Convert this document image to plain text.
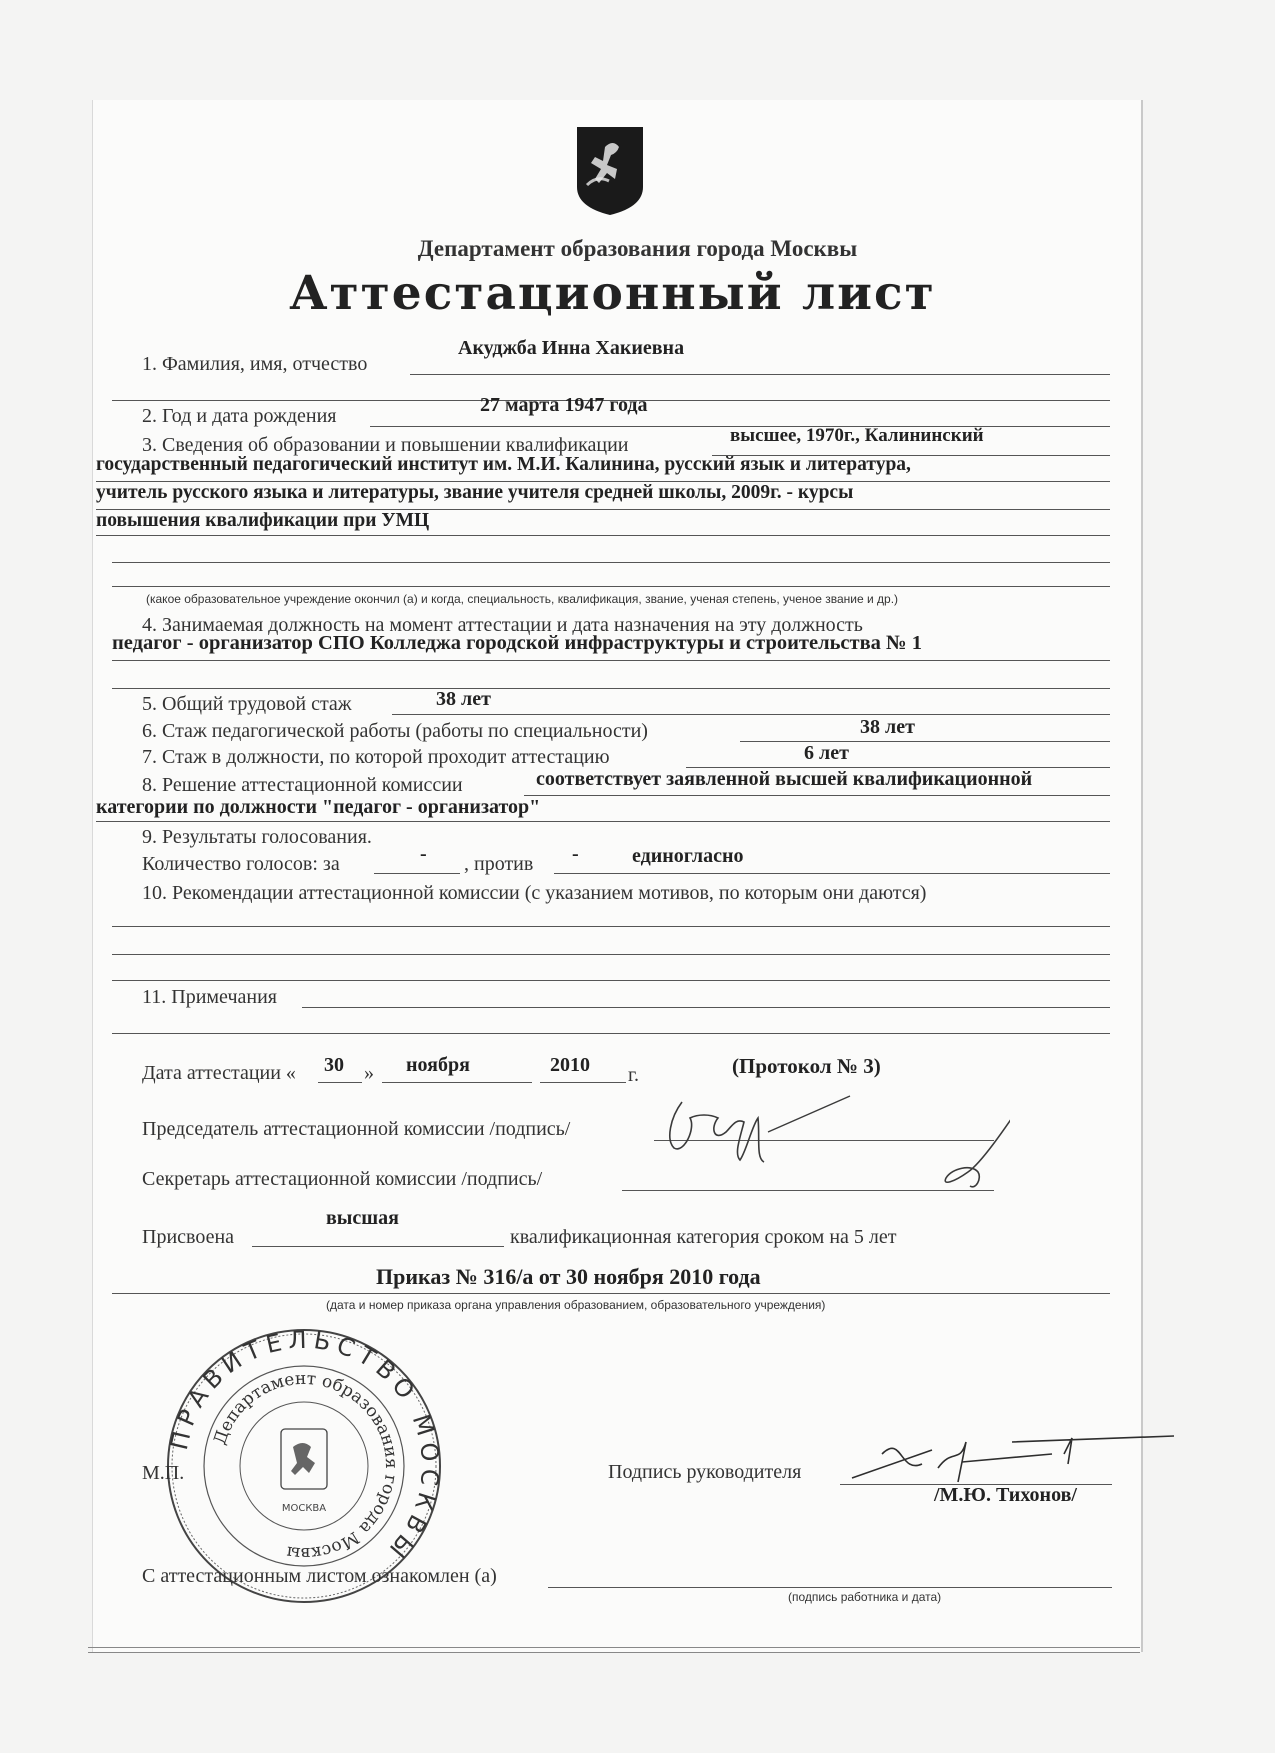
Департамент образования города Москвы
Аттестационный лист
Акуджба Инна Хакиевна
1. Фамилия, имя, отчество
27 марта 1947 года
2. Год и дата рождения
высшее, 1970г., Калининский
3. Сведения об образовании и повышении квалификации
государственный педагогический институт им. М.И. Калинина, русский язык и литература,
учитель русского языка и литературы, звание учителя средней школы, 2009г. - курсы
повышения квалификации при УМЦ
(какое образовательное учреждение окончил (а) и когда, специальность, квалификация, звание, ученая степень, ученое звание и др.)
4. Занимаемая должность на момент аттестации и дата назначения на эту должность
педагог - организатор СПО Колледжа городской инфраструктуры и строительства № 1
38 лет
5. Общий трудовой стаж
38 лет
6. Стаж педагогической работы (работы по специальности)
6 лет
7. Стаж в должности, по которой проходит аттестацию
соответствует заявленной высшей квалификационной
8. Решение аттестационной комиссии
категории по должности "педагог - организатор"
9. Результаты голосования.
Количество голосов: за	- , против -	единогласно
10. Рекомендации аттестационной комиссии (с указанием мотивов, по которым они даются)
11. Примечания
Дата аттестации « 30 » ноября	2010 г.	(Протокол № 3)
Председатель аттестационной комиссии /подпись/
Секретарь аттестационной комиссии /подпись/
высшая
Присвоена	квалификационная категория сроком на 5 лет
Приказ № 316/а от 30 ноября 2010 года
(дата и номер приказа органа управления образованием, образовательного учреждения)
ПРАВИТЕЛЬСТВО МОСКВЫ
Департамент образования города Москвы
МОСКВА
М.П.	Подпись руководителя
/М.Ю. Тихонов/
С аттестационным листом ознакомлен (а)
(подпись работника и дата)
